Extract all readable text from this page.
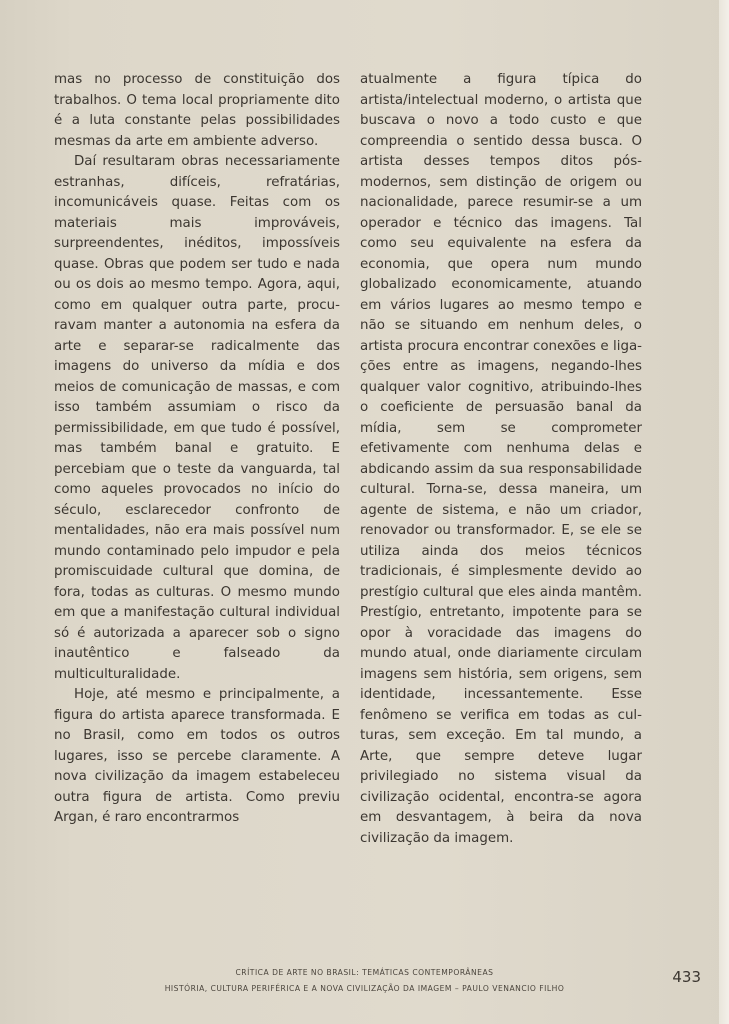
mas no processo de constituição dos trabalhos. O tema local propriamente dito é a luta constante pelas possibilidades mesmas da arte em ambiente adverso.

Daí resultaram obras necessariamente estranhas, difíceis, refratárias, incomunicáveis quase. Feitas com os materiais mais improváveis, surpreendentes, inéditos, impossíveis quase. Obras que podem ser tudo e nada ou os dois ao mesmo tempo. Agora, aqui, como em qualquer outra parte, procuravam manter a autonomia na esfera da arte e separar-se radicalmente das imagens do universo da mídia e dos meios de comunicação de massas, e com isso também assumiam o risco da permissibilidade, em que tudo é possível, mas também banal e gratuito. E percebiam que o teste da vanguarda, tal como aqueles provocados no início do século, esclarecedor confronto de mentalidades, não era mais possível num mundo contaminado pelo impudor e pela promiscuidade cultural que domina, de fora, todas as culturas. O mesmo mundo em que a manifestação cultural individual só é autorizada a aparecer sob o signo inautêntico e falseado da multiculturalidade.

Hoje, até mesmo e principalmente, a figura do artista aparece transformada. E no Brasil, como em todos os outros lugares, isso se percebe claramente. A nova civilização da imagem estabeleceu outra figura de artista. Como previu Argan, é raro encontrarmos

atualmente a figura típica do artista/intelectual moderno, o artista que buscava o novo a todo custo e que compreendia o sentido dessa busca. O artista desses tempos ditos pós-modernos, sem distinção de origem ou nacionalidade, parece resumir-se a um operador e técnico das imagens. Tal como seu equivalente na esfera da economia, que opera num mundo globalizado economicamente, atuando em vários lugares ao mesmo tempo e não se situando em nenhum deles, o artista procura encontrar conexões e ligações entre as imagens, negando-lhes qualquer valor cognitivo, atribuindo-lhes o coeficiente de persuasão banal da mídia, sem se comprometer efetivamente com nenhuma delas e abdicando assim da sua responsabilidade cultural. Torna-se, dessa maneira, um agente de sistema, e não um criador, renovador ou transformador. E, se ele se utiliza ainda dos meios técnicos tradicionais, é simplesmente devido ao prestígio cultural que eles ainda mantêm. Prestígio, entretanto, impotente para se opor à voracidade das imagens do mundo atual, onde diariamente circulam imagens sem história, sem origens, sem identidade, incessantemente. Esse fenômeno se verifica em todas as culturas, sem exceção. Em tal mundo, a Arte, que sempre deteve lugar privilegiado no sistema visual da civilização ocidental, encontra-se agora em desvantagem, à beira da nova civilização da imagem.

CRÍTICA DE ARTE NO BRASIL: TEMÁTICAS CONTEMPORÂNEAS
HISTÓRIA, CULTURA PERIFÉRICA E A NOVA CIVILIZAÇÃO DA IMAGEM – PAULO VENANCIO FILHO
433
